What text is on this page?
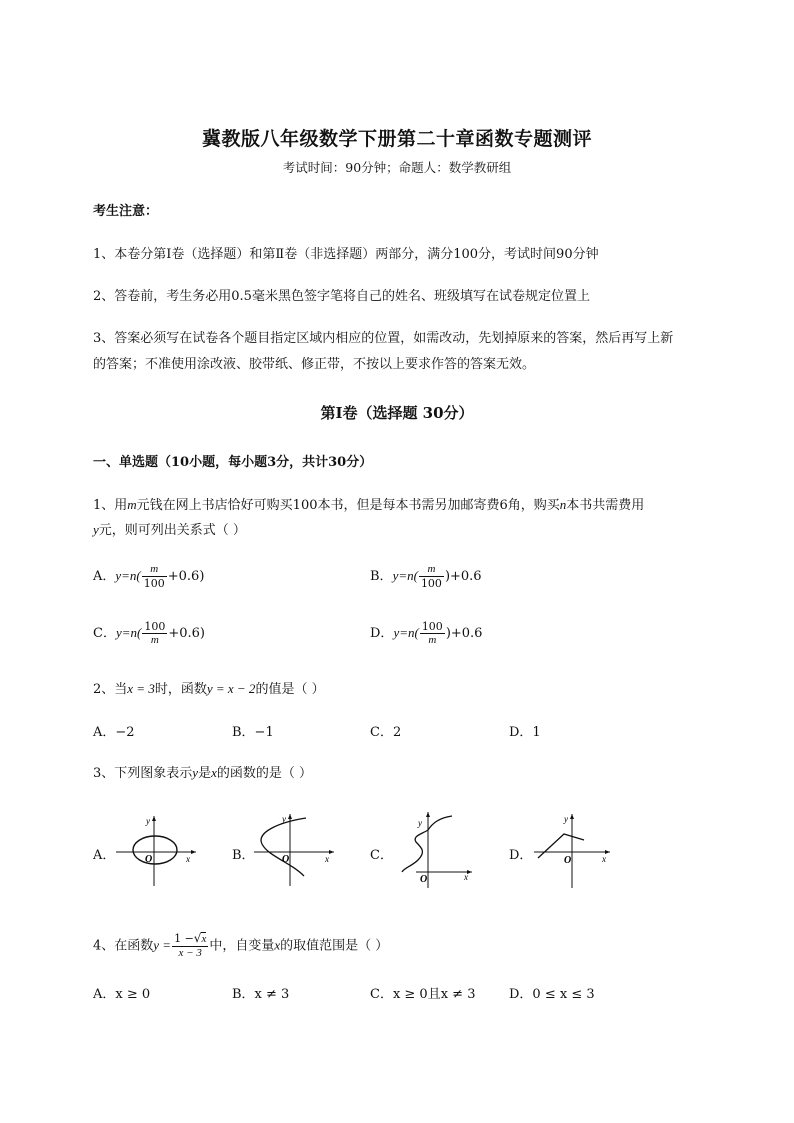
冀教版八年级数学下册第二十章函数专题测评
考试时间：90分钟；命题人：数学教研组
考生注意：
1、本卷分第I卷（选择题）和第Ⅱ卷（非选择题）两部分，满分100分，考试时间90分钟
2、答卷前，考生务必用0.5毫米黑色签字笔将自己的姓名、班级填写在试卷规定位置上
3、答案必须写在试卷各个题目指定区域内相应的位置，如需改动，先划掉原来的答案，然后再写上新
的答案；不准使用涂改液、胶带纸、修正带，不按以上要求作答的答案无效。
第I卷（选择题 30分）
一、单选题（10小题，每小题3分，共计30分）
1、用m元钱在网上书店恰好可购买100本书，但是每本书需另加邮寄费6角，购买n本书共需费用
y元，则可列出关系式（ ）
A．$y=n( \frac{m}{100} +0.6)$	B．$y=n( \frac{m}{100} )+0.6$
C．$y=n( \frac{100}{m} +0.6)$	D．$y=n( \frac{100}{m} )+0.6$
2、当x = 3时，函数y = x − 2的值是（ ）
A．−2	B．−1	C．2	D．1
3、下列图象表示y是x的函数的是（ ）
A．	B．	C．	D．
y
x
O
y
x
O
y
x
O
y
x
O
4、在函数$y = \frac{1 -√x}{x - 3}$ 中，自变量x的取值范围是（ ）
A．x ≥ 0	B．x ≠ 3	C．x ≥ 0且x ≠ 3	D．0 ≤ x ≤ 3
